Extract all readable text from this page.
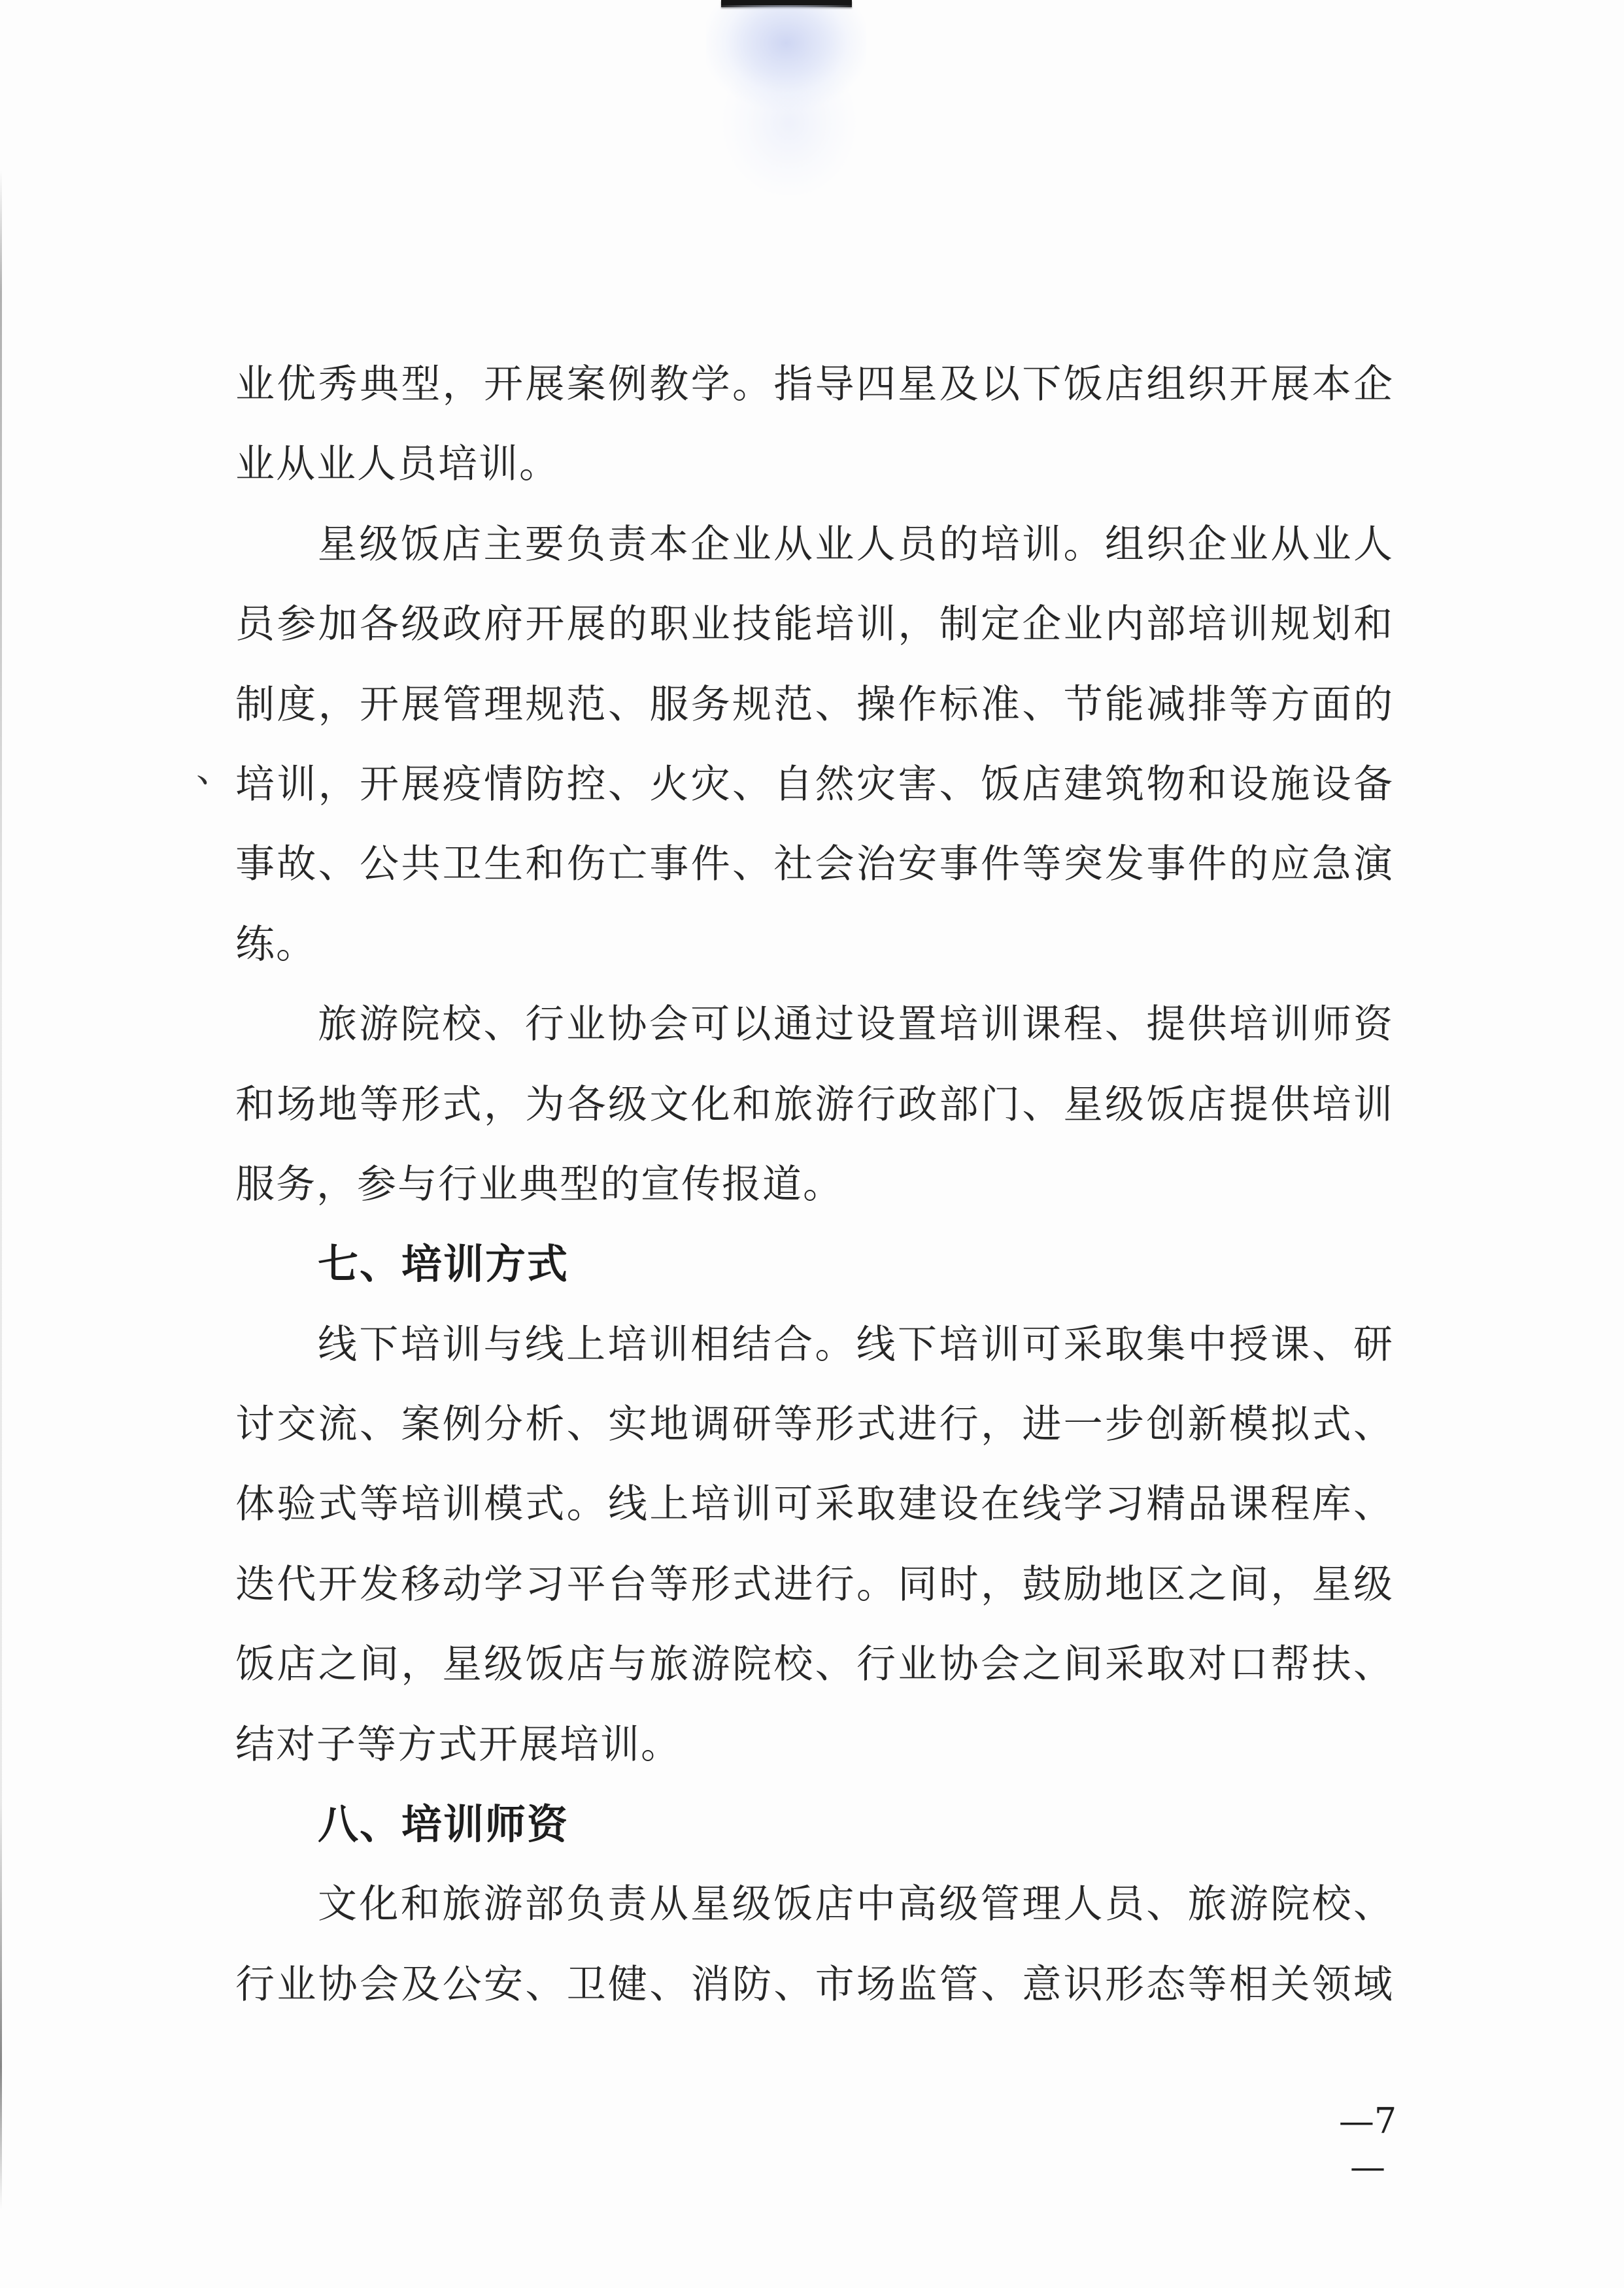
、
业优秀典型，开展案例教学。指导四星及以下饭店组织开展本企
业从业人员培训。
星级饭店主要负责本企业从业人员的培训。组织企业从业人
员参加各级政府开展的职业技能培训，制定企业内部培训规划和
制度，开展管理规范、服务规范、操作标准、节能减排等方面的
培训，开展疫情防控、火灾、自然灾害、饭店建筑物和设施设备
事故、公共卫生和伤亡事件、社会治安事件等突发事件的应急演
练。
旅游院校、行业协会可以通过设置培训课程、提供培训师资
和场地等形式，为各级文化和旅游行政部门、星级饭店提供培训
服务，参与行业典型的宣传报道。
七、培训方式
线下培训与线上培训相结合。线下培训可采取集中授课、研
讨交流、案例分析、实地调研等形式进行，进一步创新模拟式、
体验式等培训模式。线上培训可采取建设在线学习精品课程库、
迭代开发移动学习平台等形式进行。同时，鼓励地区之间，星级
饭店之间，星级饭店与旅游院校、行业协会之间采取对口帮扶、
结对子等方式开展培训。
八、培训师资
文化和旅游部负责从星级饭店中高级管理人员、旅游院校、
行业协会及公安、卫健、消防、市场监管、意识形态等相关领域
—7—
